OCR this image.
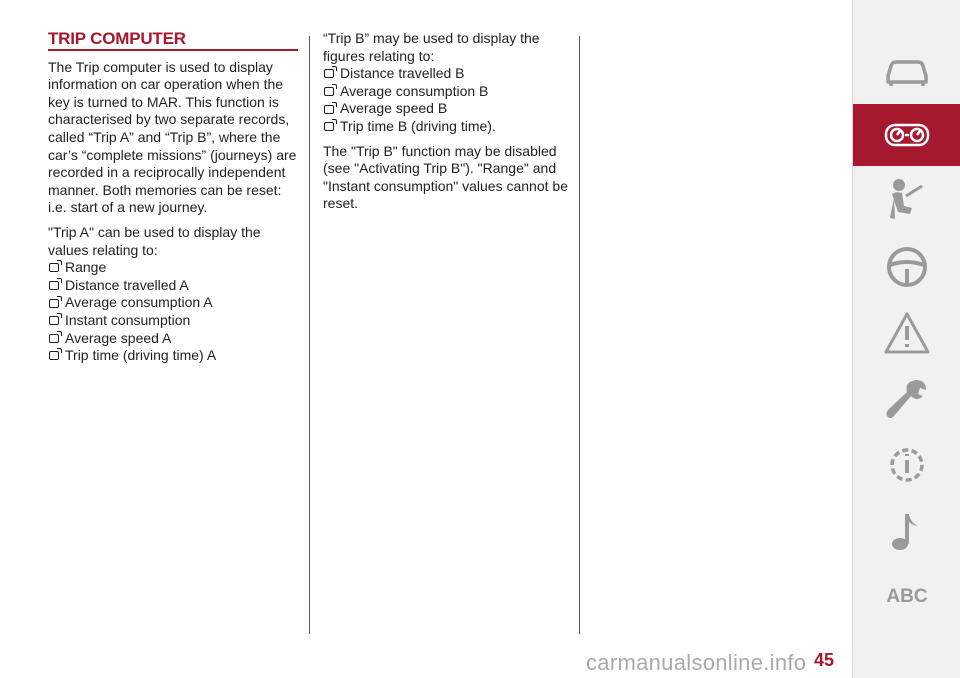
TRIP COMPUTER

The Trip computer is used to display information on car operation when the key is turned to MAR. This function is characterised by two separate records, called “Trip A” and “Trip B”, where the car’s “complete missions” (journeys) are recorded in a reciprocally independent manner. Both memories can be reset: i.e. start of a new journey.

"Trip A" can be used to display the values relating to:

Range
Distance travelled A
Average consumption A
Instant consumption
Average speed A
Trip time (driving time) A

“Trip B” may be used to display the figures relating to:

Distance travelled B
Average consumption B
Average speed B
Trip time B (driving time).

The "Trip B" function may be disabled (see "Activating Trip B"). "Range" and "Instant consumption" values cannot be reset.

ABC
carmanualsonline.info 45
